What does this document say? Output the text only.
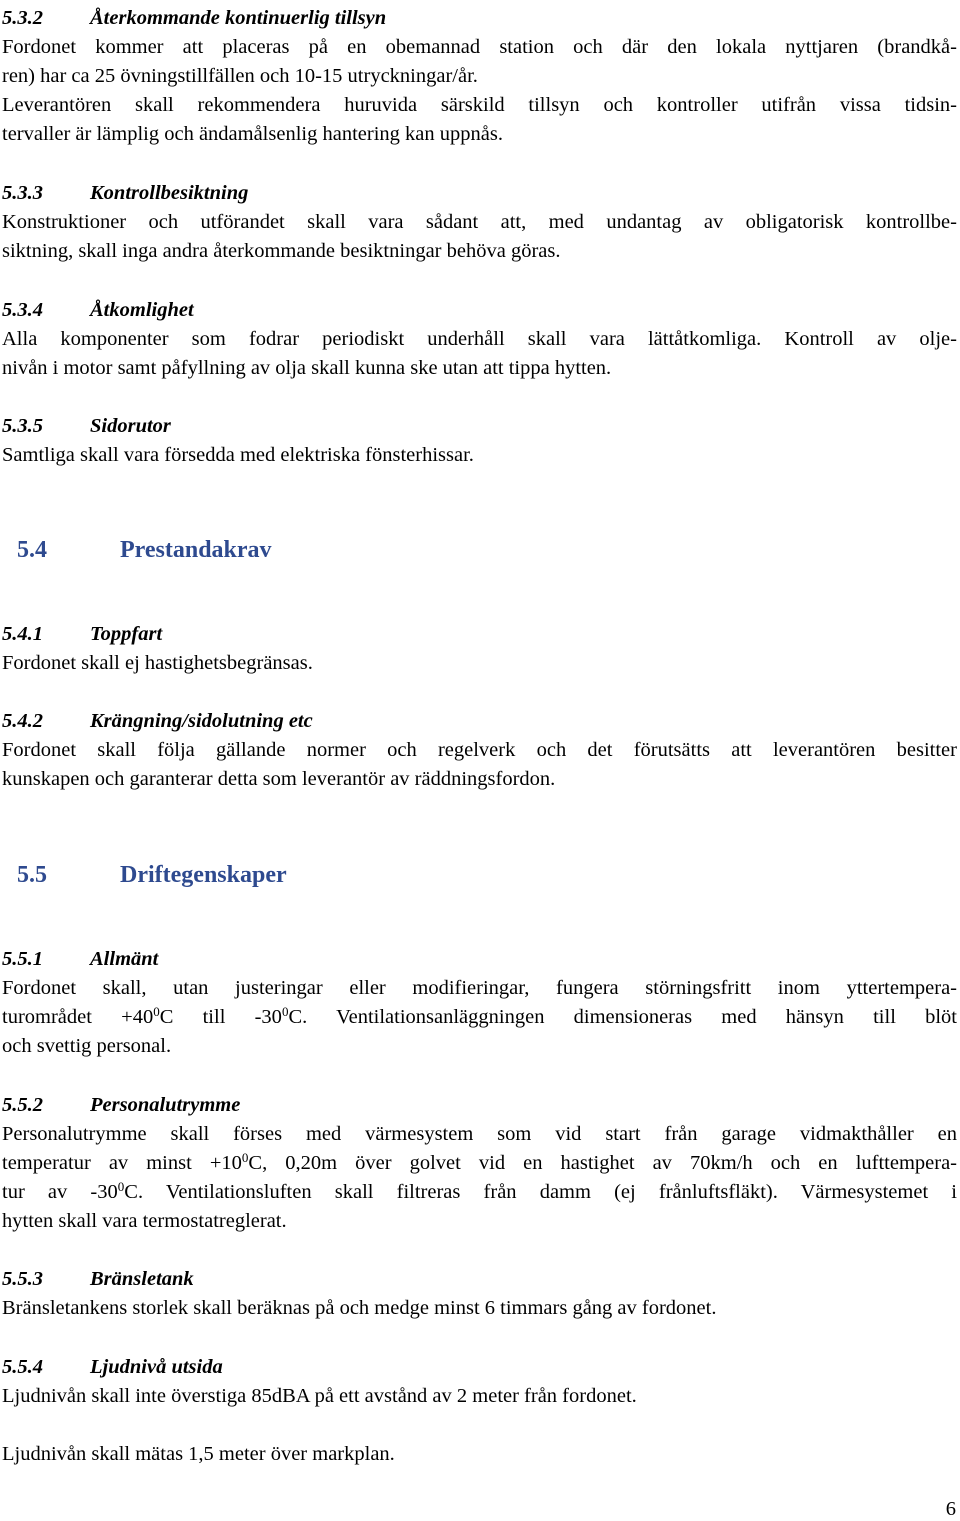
5.3.2 Återkommande kontinuerlig tillsyn
Fordonet kommer att placeras på en obemannad station och där den lokala nyttjaren (brandkå-
ren) har ca 25 övningstillfällen och 10-15 utryckningar/år.
Leverantören skall rekommendera huruvida särskild tillsyn och kontroller utifrån vissa tidsin-
tervaller är lämplig och ändamålsenlig hantering kan uppnås.
5.3.3 Kontrollbesiktning
Konstruktioner och utförandet skall vara sådant att, med undantag av obligatorisk kontrollbe-
siktning, skall inga andra återkommande besiktningar behöva göras.
5.3.4 Åtkomlighet
Alla komponenter som fodrar periodiskt underhåll skall vara lättåtkomliga. Kontroll av olje-
nivån i motor samt påfyllning av olja skall kunna ske utan att tippa hytten.
5.3.5 Sidorutor
Samtliga skall vara försedda med elektriska fönsterhissar.
5.4	Prestandakrav
5.4.1 Toppfart
Fordonet skall ej hastighetsbegränsas.
5.4.2 Krängning/sidolutning etc
Fordonet skall följa gällande normer och regelverk och det förutsätts att leverantören besitter
kunskapen och garanterar detta som leverantör av räddningsfordon.
5.5	Driftegenskaper
5.5.1 Allmänt
Fordonet skall, utan justeringar eller modifieringar, fungera störningsfritt inom yttertempera-
turområdet $+40^0C$ till $-30^0C$. Ventilationsanläggningen dimensioneras med hänsyn till blöt
och svettig personal.
5.5.2 Personalutrymme
Personalutrymme skall förses med värmesystem som vid start från garage vidmakthåller en
temperatur av minst $+10^0C$, 0,20m över golvet vid en hastighet av 70km/h och en lufttempera-
tur av $-30^0C$. Ventilationsluften skall filtreras från damm (ej frånluftsfläkt). Värmesystemet i
hytten skall vara termostatreglerat.
5.5.3 Bränsletank
Bränsletankens storlek skall beräknas på och medge minst 6 timmars gång av fordonet.
5.5.4 Ljudnivå utsida
Ljudnivån skall inte överstiga 85dBA på ett avstånd av 2 meter från fordonet.
Ljudnivån skall mätas 1,5 meter över markplan.
6
